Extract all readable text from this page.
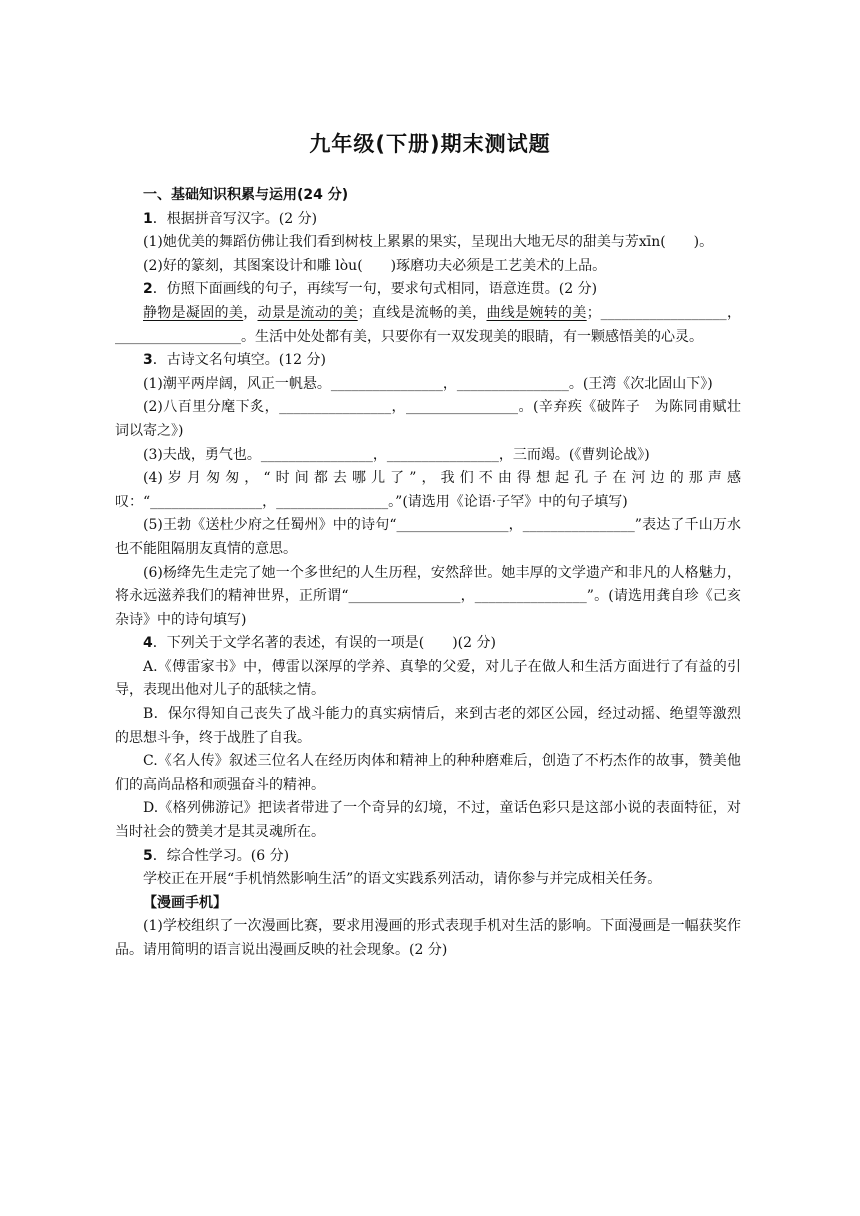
九年级(下册)期末测试题

一、基础知识积累与运用(24 分)

1．根据拼音写汉字。(2 分)

(1)她优美的舞蹈仿佛让我们看到树枝上累累的果实，呈现出大地无尽的甜美与芳xīn(　　)。

(2)好的篆刻，其图案设计和雕 lòu(　　)琢磨功夫必须是工艺美术的上品。

2．仿照下面画线的句子，再续写一句，要求句式相同，语意连贯。(2 分)

静物是凝固的美，动景是流动的美；直线是流畅的美，曲线是婉转的美；__________________，__________________。生活中处处都有美，只要你有一双发现美的眼睛，有一颗感悟美的心灵。

3．古诗文名句填空。(12 分)

(1)潮平两岸阔，风正一帆悬。________________，________________。(王湾《次北固山下》)

(2)八百里分麾下炙，________________，________________。(辛弃疾《破阵子　为陈同甫赋壮词以寄之》)

(3)夫战，勇气也。________________，________________，三而竭。(《曹刿论战》)

(4)岁月匆匆，“时间都去哪儿了”，我们不由得想起孔子在河边的那声感叹：“________________，________________。”(请选用《论语·子罕》中的句子填写)

(5)王勃《送杜少府之任蜀州》中的诗句“________________，________________”表达了千山万水也不能阻隔朋友真情的意思。

(6)杨绛先生走完了她一个多世纪的人生历程，安然辞世。她丰厚的文学遗产和非凡的人格魅力，将永远滋养我们的精神世界，正所谓“________________，________________”。(请选用龚自珍《己亥杂诗》中的诗句填写)

4．下列关于文学名著的表述，有误的一项是(　　)(2 分)

A.《傅雷家书》中，傅雷以深厚的学养、真挚的父爱，对儿子在做人和生活方面进行了有益的引导，表现出他对儿子的舐犊之情。

B．保尔得知自己丧失了战斗能力的真实病情后，来到古老的郊区公园，经过动摇、绝望等激烈的思想斗争，终于战胜了自我。

C.《名人传》叙述三位名人在经历肉体和精神上的种种磨难后，创造了不朽杰作的故事，赞美他们的高尚品格和顽强奋斗的精神。

D.《格列佛游记》把读者带进了一个奇异的幻境，不过，童话色彩只是这部小说的表面特征，对当时社会的赞美才是其灵魂所在。

5．综合性学习。(6 分)

学校正在开展“手机悄然影响生活”的语文实践系列活动，请你参与并完成相关任务。

【漫画手机】

(1)学校组织了一次漫画比赛，要求用漫画的形式表现手机对生活的影响。下面漫画是一幅获奖作品。请用简明的语言说出漫画反映的社会现象。(2 分)
